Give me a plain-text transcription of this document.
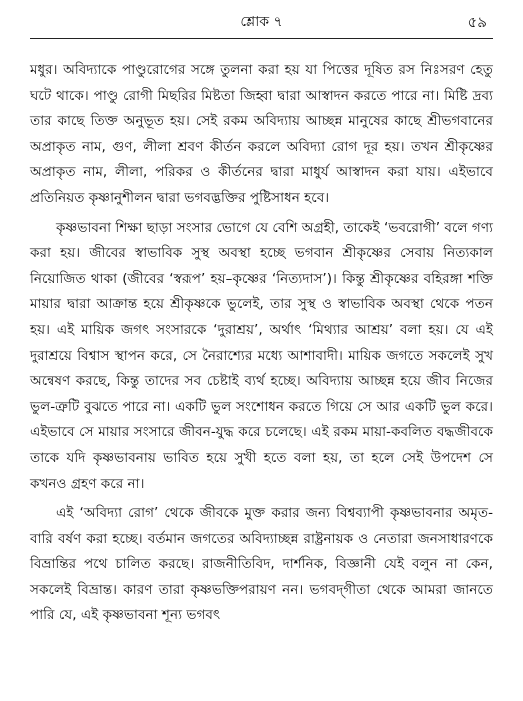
শ্লোক ৭	৫৯

মধুর। অবিদ্যাকে পাণ্ডুরোগের সঙ্গে তুলনা করা হয় যা পিত্তের দূষিত রস নিঃসরণ হেতু ঘটে থাকে। পাণ্ডু রোগী মিছরির মিষ্টতা জিহ্বা দ্বারা আস্বাদন করতে পারে না। মিষ্টি দ্রব্য তার কাছে তিক্ত অনুভূত হয়। সেই রকম অবিদ্যায় আচ্ছন্ন মানুষের কাছে শ্রীভগবানের অপ্রাকৃত নাম, গুণ, লীলা শ্রবণ কীর্তন করলে অবিদ্যা রোগ দূর হয়। তখন শ্রীকৃষ্ণের অপ্রাকৃত নাম, লীলা, পরিকর ও কীর্তনের দ্বারা মাধুর্য আস্বাদন করা যায়। এইভাবে প্রতিনিয়ত কৃষ্ণানুশীলন দ্বারা ভগবদ্ভক্তির পুষ্টিসাধন হবে।

কৃষ্ণভাবনা শিক্ষা ছাড়া সংসার ভোগে যে বেশি অগ্রহী, তাকেই ‘ভবরোগী’ বলে গণ্য করা হয়। জীবের স্বাভাবিক সুস্থ অবস্থা হচ্ছে ভগবান শ্রীকৃষ্ণের সেবায় নিত্যকাল নিয়োজিত থাকা (জীবের ‘স্বরূপ’ হয়–কৃষ্ণের ‘নিত্যদাস’)। কিন্তু শ্রীকৃষ্ণের বহিরঙ্গা শক্তি মায়ার দ্বারা আক্রান্ত হয়ে শ্রীকৃষ্ণকে ভুলেই, তার সুস্থ ও স্বাভাবিক অবস্থা থেকে পতন হয়। এই মায়িক জগৎ সংসারকে ‘দুরাশ্রয়’, অর্থাৎ ‘মিথ্যার আশ্রয়’ বলা হয়। যে এই দুরাশ্রয়ে বিশ্বাস স্থাপন করে, সে নৈরাশ্যের মধ্যে আশাবাদী। মায়িক জগতে সকলেই সুখ অন্বেষণ করছে, কিন্তু তাদের সব চেষ্টাই ব্যর্থ হচ্ছে। অবিদ্যায় আচ্ছন্ন হয়ে জীব নিজের ভুল-ত্রুটি বুঝতে পারে না। একটি ভুল সংশোধন করতে গিয়ে সে আর একটি ভুল করে। এইভাবে সে মায়ার সংসারে জীবন-যুদ্ধ করে চলেছে। এই রকম মায়া-কবলিত বদ্ধজীবকে তাকে যদি কৃষ্ণভাবনায় ভাবিত হয়ে সুখী হতে বলা হয়, তা হলে সেই উপদেশ সে কখনও গ্রহণ করে না।

এই ‘অবিদ্যা রোগ’ থেকে জীবকে মুক্ত করার জন্য বিশ্বব্যাপী কৃষ্ণভাবনার অমৃত-বারি বর্ষণ করা হচ্ছে। বর্তমান জগতের অবিদ্যাচ্ছন্ন রাষ্ট্রনায়ক ও নেতারা জনসাধারণকে বিভ্রান্তির পথে চালিত করছে। রাজনীতিবিদ, দার্শনিক, বিজ্ঞানী যেই বলুন না কেন, সকলেই বিভ্রান্ত। কারণ তারা কৃষ্ণভক্তিপরায়ণ নন। ভগবদ্‌গীতা থেকে আমরা জানতে পারি যে, এই কৃষ্ণভাবনা শূন্য ভগবৎ
